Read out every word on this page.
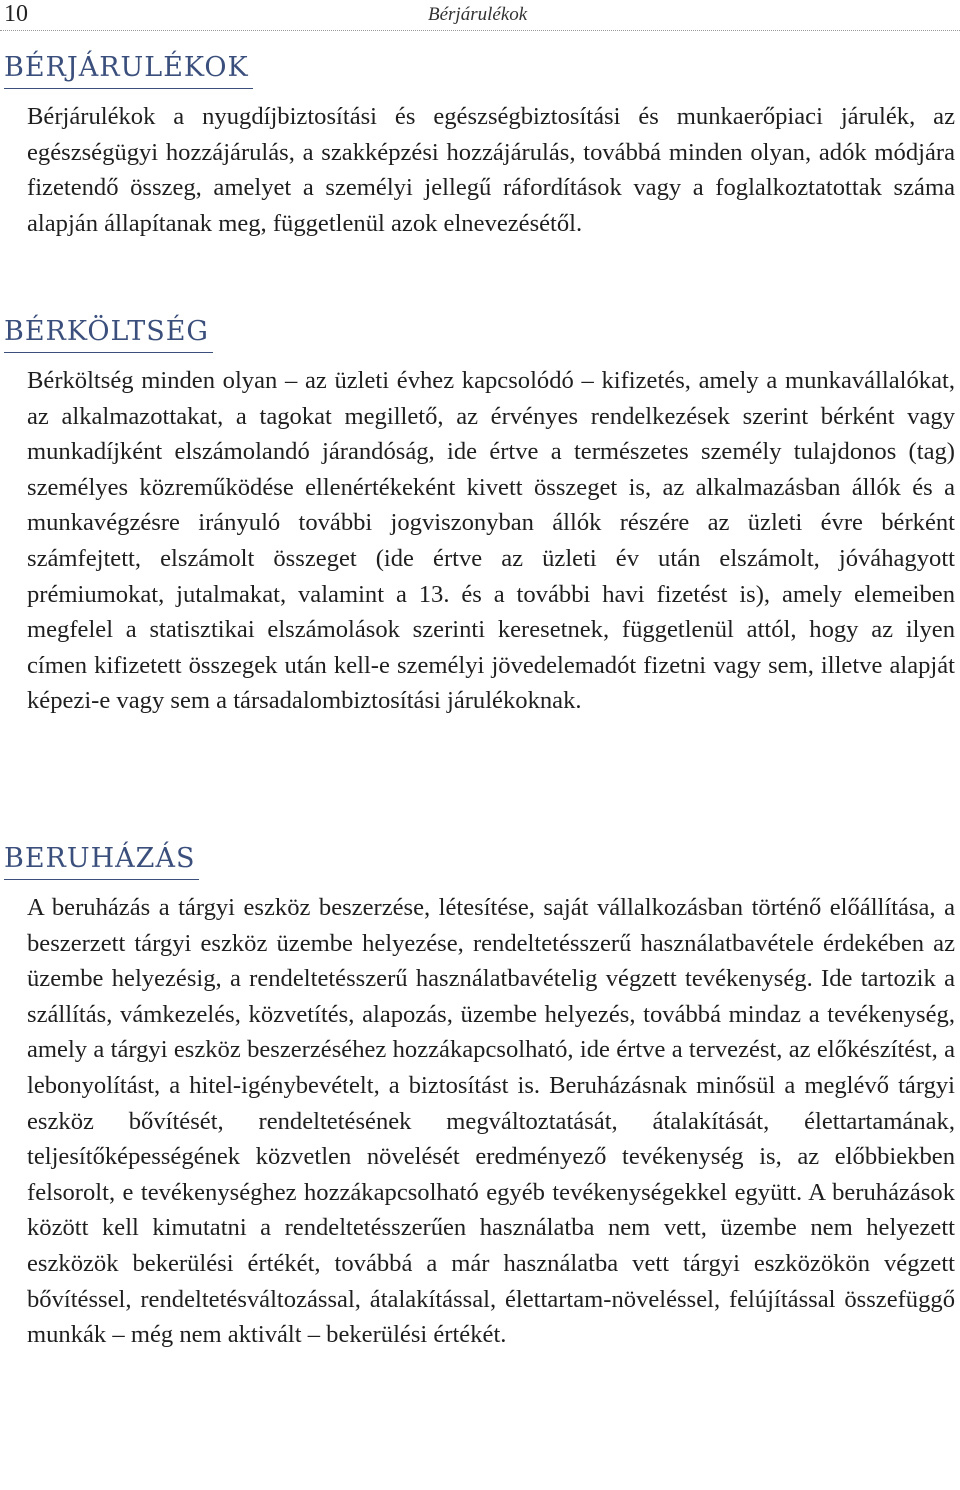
10	Bérjárulékok
BÉRJÁRULÉKOK

Bérjárulékok a nyugdíjbiztosítási és egészségbiztosítási és munkaerőpiaci járulék, az egészségügyi hozzájárulás, a szakképzési hozzájárulás, továbbá minden olyan, adók módjára fizetendő összeg, amelyet a személyi jellegű ráfordítások vagy a foglalkoztatottak száma alapján állapítanak meg, függetlenül azok elnevezésétől.

BÉRKÖLTSÉG

Bérköltség minden olyan – az üzleti évhez kapcsolódó – kifizetés, amely a munkavállalókat, az alkalmazottakat, a tagokat megillető, az érvényes rendelkezések szerint bérként vagy munkadíjként elszámolandó járandóság, ide értve a természetes személy tulajdonos (tag) személyes közreműködése ellenértékeként kivett összeget is, az alkalmazásban állók és a munkavégzésre irányuló további jogviszonyban állók részére az üzleti évre bérként számfejtett, elszámolt összeget (ide értve az üzleti év után elszámolt, jóváhagyott prémiumokat, jutalmakat, valamint a 13. és a további havi fizetést is), amely elemeiben megfelel a statisztikai elszámolások szerinti keresetnek, függetlenül attól, hogy az ilyen címen kifizetett összegek után kell-e személyi jövedelemadót fizetni vagy sem, illetve alapját képezi-e vagy sem a társadalombiztosítási járulékoknak.

BERUHÁZÁS

A beruházás a tárgyi eszköz beszerzése, létesítése, saját vállalkozásban történő előállítása, a beszerzett tárgyi eszköz üzembe helyezése, rendeltetésszerű használatbavétele érdekében az üzembe helyezésig, a rendeltetésszerű használatbavételig végzett tevékenység. Ide tartozik a szállítás, vámkezelés, közvetítés, alapozás, üzembe helyezés, továbbá mindaz a tevékenység, amely a tárgyi eszköz beszerzéséhez hozzákapcsolható, ide értve a tervezést, az előkészítést, a lebonyolítást, a hitel-igénybevételt, a biztosítást is. Beruházásnak minősül a meglévő tárgyi eszköz bővítését, rendeltetésének megváltoztatását, átalakítását, élettartamának, teljesítőképességének közvetlen növelését eredményező tevékenység is, az előbbiekben felsorolt, e tevékenységhez hozzákapcsolható egyéb tevékenységekkel együtt. A beruházások között kell kimutatni a rendeltetésszerűen használatba nem vett, üzembe nem helyezett eszközök bekerülési értékét, továbbá a már használatba vett tárgyi eszközökön végzett bővítéssel, rendeltetésváltozással, átalakítással, élettartam-növeléssel, felújítással összefüggő munkák – még nem aktivált – bekerülési értékét.
